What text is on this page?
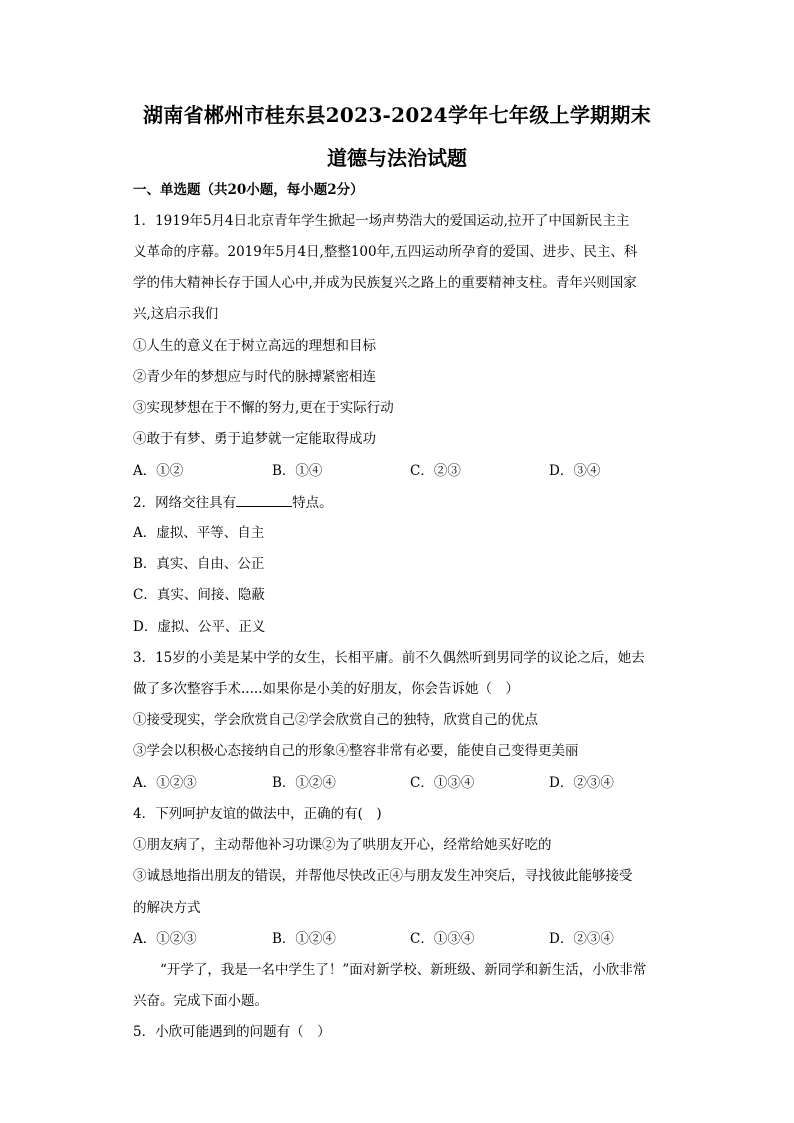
湖南省郴州市桂东县2023-2024学年七年级上学期期末
道德与法治试题
一、单选题（共20小题，每小题2分）
1．1919年5月4日北京青年学生掀起一场声势浩大的爱国运动,拉开了中国新民主主
义革命的序幕。2019年5月4日,整整100年,五四运动所孕育的爱国、进步、民主、科
学的伟大精神长存于国人心中,并成为民族复兴之路上的重要精神支柱。青年兴则国家
兴,这启示我们
①人生的意义在于树立高远的理想和目标
②青少年的梦想应与时代的脉搏紧密相连
③实现梦想在于不懈的努力,更在于实际行动
④敢于有梦、勇于追梦就一定能取得成功
A．①②	B．①④	C．②③	D．③④
2．网络交往具有	特点。
A．虚拟、平等、自主
B．真实、自由、公正
C．真实、间接、隐蔽
D．虚拟、公平、正义
3．15岁的小美是某中学的女生，长相平庸。前不久偶然听到男同学的议论之后，她去
做了多次整容手术.....如果你是小美的好朋友，你会告诉她（　）
①接受现实，学会欣赏自己②学会欣赏自己的独特，欣赏自己的优点
③学会以积极心态接纳自己的形象④整容非常有必要，能使自己变得更美丽
A．①②③	B．①②④	C．①③④	D．②③④
4．下列呵护友谊的做法中，正确的有(　)
①朋友病了，主动帮他补习功课②为了哄朋友开心，经常给她买好吃的
③诚恳地指出朋友的错误，并帮他尽快改正④与朋友发生冲突后，寻找彼此能够接受
的解决方式
A．①②③	B．①②④	C．①③④	D．②③④
“开学了，我是一名中学生了！”面对新学校、新班级、新同学和新生活，小欣非常
兴奋。完成下面小题。
5．小欣可能遇到的问题有（　）
